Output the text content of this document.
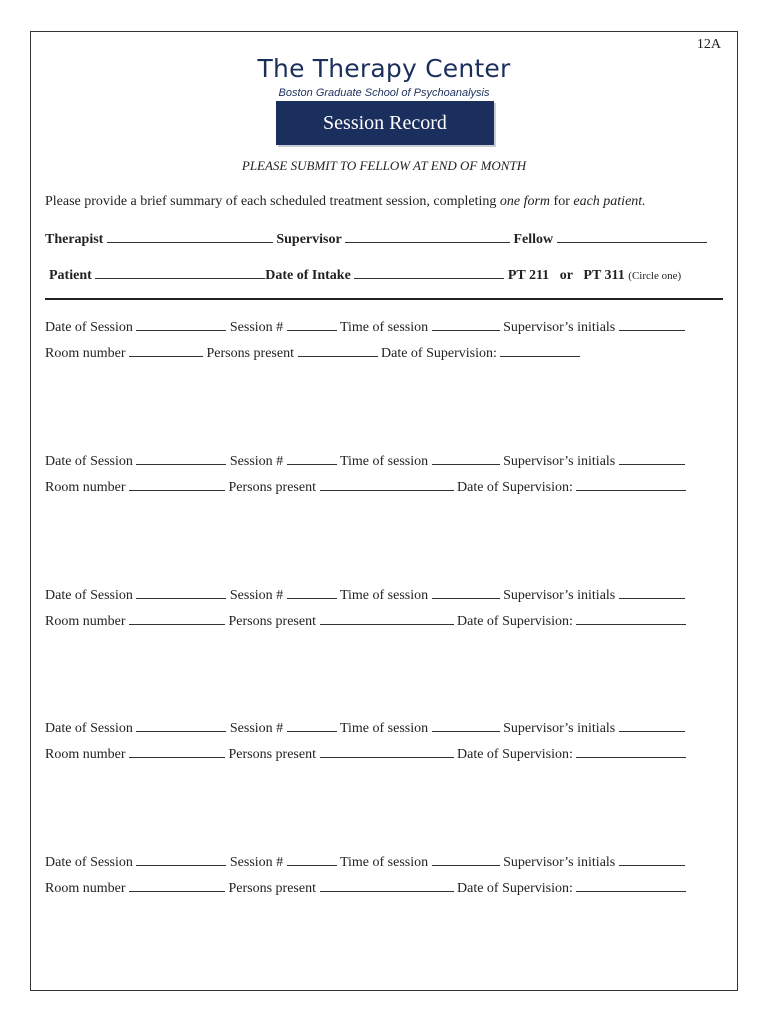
12A
The Therapy Center
Boston Graduate School of Psychoanalysis
Session Record
PLEASE SUBMIT TO FELLOW AT END OF MONTH
Please provide a brief summary of each scheduled treatment session, completing one form for each patient.
Therapist	Supervisor	Fellow
Patient	Date of Intake	PT 211 or PT 311 (Circle one)
Date of Session	Session #	Time of session	Supervisor’s initials
Room number	Persons present	Date of Supervision:
Date of Session	Session #	Time of session	Supervisor’s initials
Room number	Persons present	Date of Supervision:
Date of Session	Session #	Time of session	Supervisor’s initials
Room number	Persons present	Date of Supervision:
Date of Session	Session #	Time of session	Supervisor’s initials
Room number	Persons present	Date of Supervision:
Date of Session	Session #	Time of session	Supervisor’s initials
Room number	Persons present	Date of Supervision:
